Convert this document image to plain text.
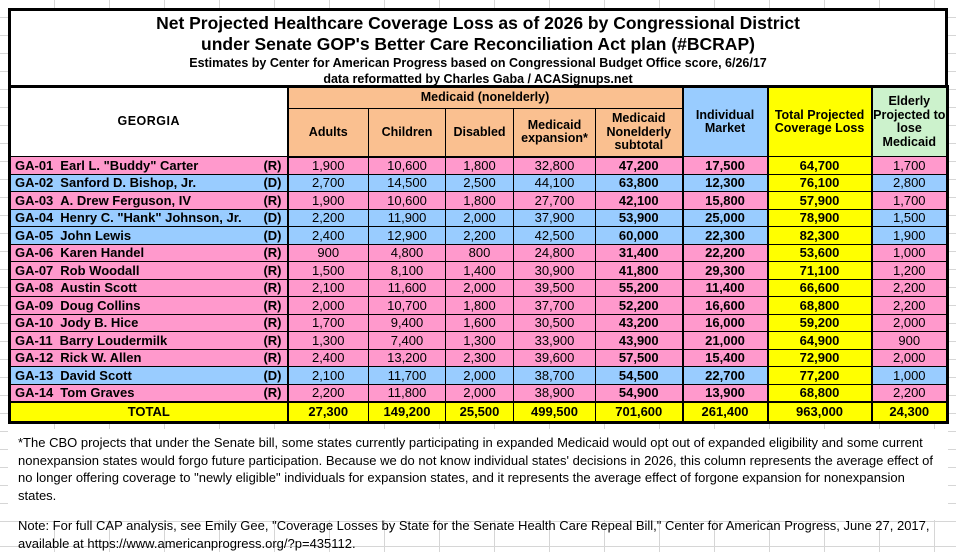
Net Projected Healthcare Coverage Loss as of 2026 by Congressional District
under Senate GOP's Better Care Reconciliation Act plan (#BCRAP)
Estimates by Center for American Progress based on Congressional Budget Office score, 6/26/17
data reformatted by Charles Gaba / ACASignups.net
GEORGIA	Medicaid (nonelderly)					Individual Market	Total Projected Coverage Loss	Elderly Projected to lose Medicaid
	Adults	Children	Disabled	Medicaid expansion*	Medicaid Nonelderly subtotal			

GA-01 Earl L. "Buddy" Carter (R)	1,900	10,600	1,800	32,800	47,200	17,500	64,700	1,700

GA-02 Sanford D. Bishop, Jr. (D)	2,700	14,500	2,500	44,100	63,800	12,300	76,100	2,800

GA-03 A. Drew Ferguson, IV (R)	1,900	10,600	1,800	27,700	42,100	15,800	57,900	1,700

GA-04 Henry C. "Hank" Johnson, Jr. (D)	2,200	11,900	2,000	37,900	53,900	25,000	78,900	1,500

GA-05 John Lewis (D)	2,400	12,900	2,200	42,500	60,000	22,300	82,300	1,900

GA-06 Karen Handel (R)	900	4,800	800	24,800	31,400	22,200	53,600	1,000

GA-07 Rob Woodall (R)	1,500	8,100	1,400	30,900	41,800	29,300	71,100	1,200

GA-08 Austin Scott (R)	2,100	11,600	2,000	39,500	55,200	11,400	66,600	2,200

GA-09 Doug Collins (R)	2,000	10,700	1,800	37,700	52,200	16,600	68,800	2,200

GA-10 Jody B. Hice (R)	1,700	9,400	1,600	30,500	43,200	16,000	59,200	2,000

GA-11 Barry Loudermilk (R)	1,300	7,400	1,300	33,900	43,900	21,000	64,900	900

GA-12 Rick W. Allen (R)	2,400	13,200	2,300	39,600	57,500	15,400	72,900	2,000

GA-13 David Scott (D)	2,100	11,700	2,000	38,700	54,500	22,700	77,200	1,000

GA-14 Tom Graves (R)	2,200	11,800	2,000	38,900	54,900	13,900	68,800	2,200
TOTAL	27,300	149,200	25,500	499,500	701,600	261,400	963,000	24,300

*The CBO projects that under the Senate bill, some states currently participating in expanded Medicaid would opt out of expanded eligibility and some current nonexpansion states would forgo future participation. Because we do not know individual states' decisions in 2026, this column represents the average effect of no longer offering coverage to "newly eligible" individuals for expansion states, and it represents the average effect of forgone expansion for nonexpansion states.

Note: For full CAP analysis, see Emily Gee, "Coverage Losses by State for the Senate Health Care Repeal Bill," Center for American Progress, June 27, 2017, available at https://www.americanprogress.org/?p=435112.
